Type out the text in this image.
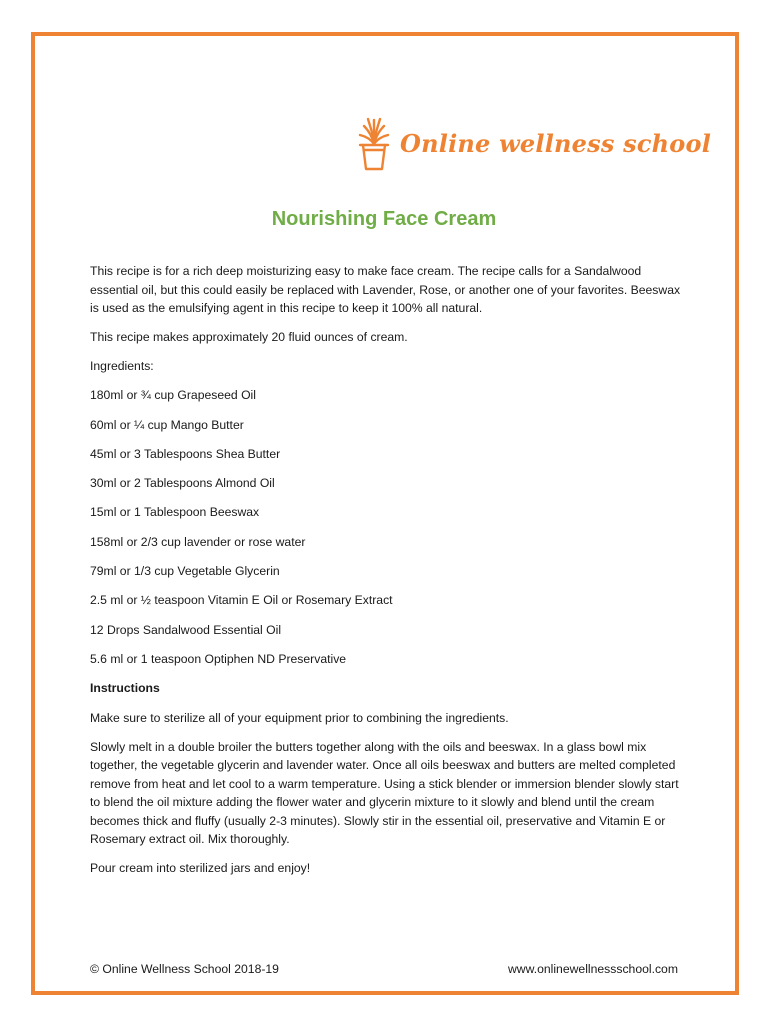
Online wellness school
Nourishing Face Cream

This recipe is for a rich deep moisturizing easy to make face cream. The recipe calls for a Sandalwood essential oil, but this could easily be replaced with Lavender, Rose, or another one of your favorites. Beeswax is used as the emulsifying agent in this recipe to keep it 100% all natural.

This recipe makes approximately 20 fluid ounces of cream.

Ingredients:

180ml or ¾ cup Grapeseed Oil

60ml or ¼ cup Mango Butter

45ml or 3 Tablespoons Shea Butter

30ml or 2 Tablespoons Almond Oil

15ml or 1 Tablespoon Beeswax

158ml or 2/3 cup lavender or rose water

79ml or 1/3 cup Vegetable Glycerin

2.5 ml or ½ teaspoon Vitamin E Oil or Rosemary Extract

12 Drops Sandalwood Essential Oil

5.6 ml or 1 teaspoon Optiphen ND Preservative

Instructions

Make sure to sterilize all of your equipment prior to combining the ingredients.

Slowly melt in a double broiler the butters together along with the oils and beeswax. In a glass bowl mix together, the vegetable glycerin and lavender water. Once all oils beeswax and butters are melted completed remove from heat and let cool to a warm temperature. Using a stick blender or immersion blender slowly start to blend the oil mixture adding the flower water and glycerin mixture to it slowly and blend until the cream becomes thick and fluffy (usually 2-3 minutes). Slowly stir in the essential oil, preservative and Vitamin E or Rosemary extract oil. Mix thoroughly.

Pour cream into sterilized jars and enjoy!

© Online Wellness School 2018-19	www.onlinewellnessschool.com
